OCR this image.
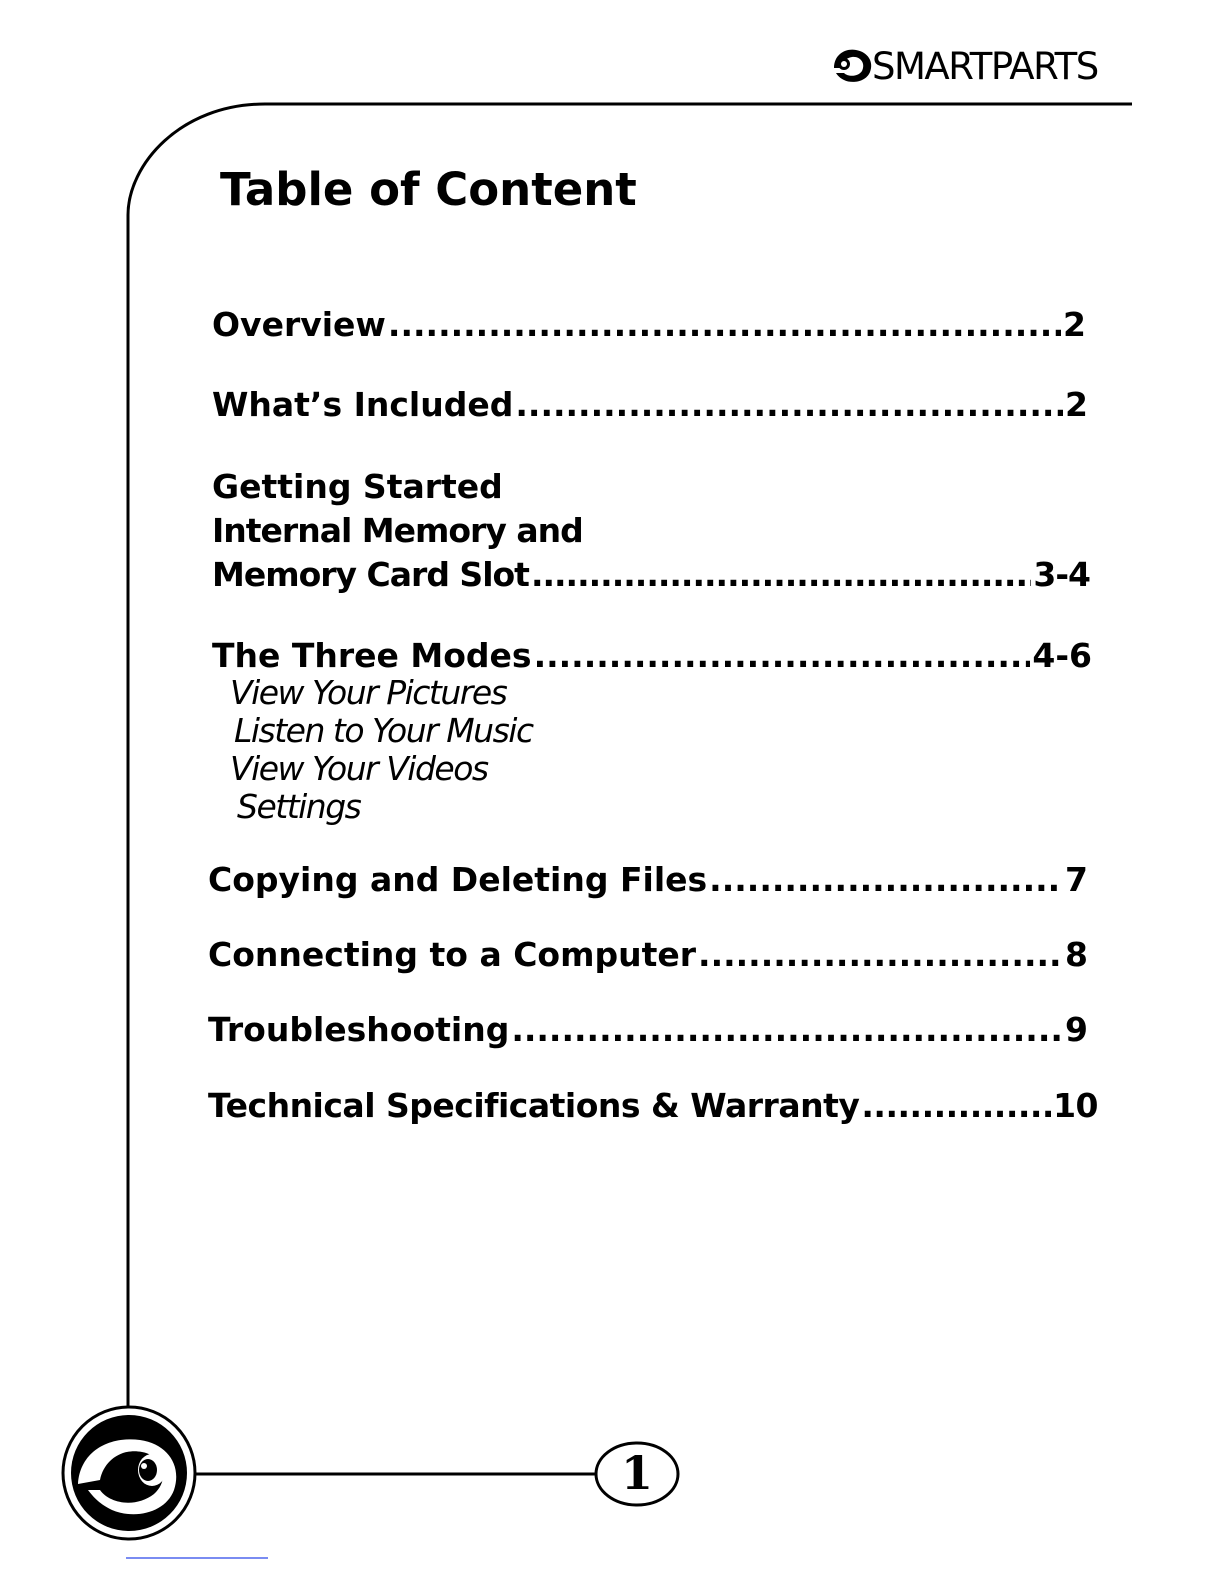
SMARTPARTS
Table of Content
Overview .....	2
What’s Included .....	2
Getting Started
Internal Memory and
Memory Card Slot .....	3-4
The Three Modes .....	4-6
View Your Pictures
Listen to Your Music
View Your Videos
Settings
Copying and Deleting Files .....	7
Connecting to a Computer .....	8
Troubleshooting .....	9
Technical Specifications & Warranty .....	10
1
